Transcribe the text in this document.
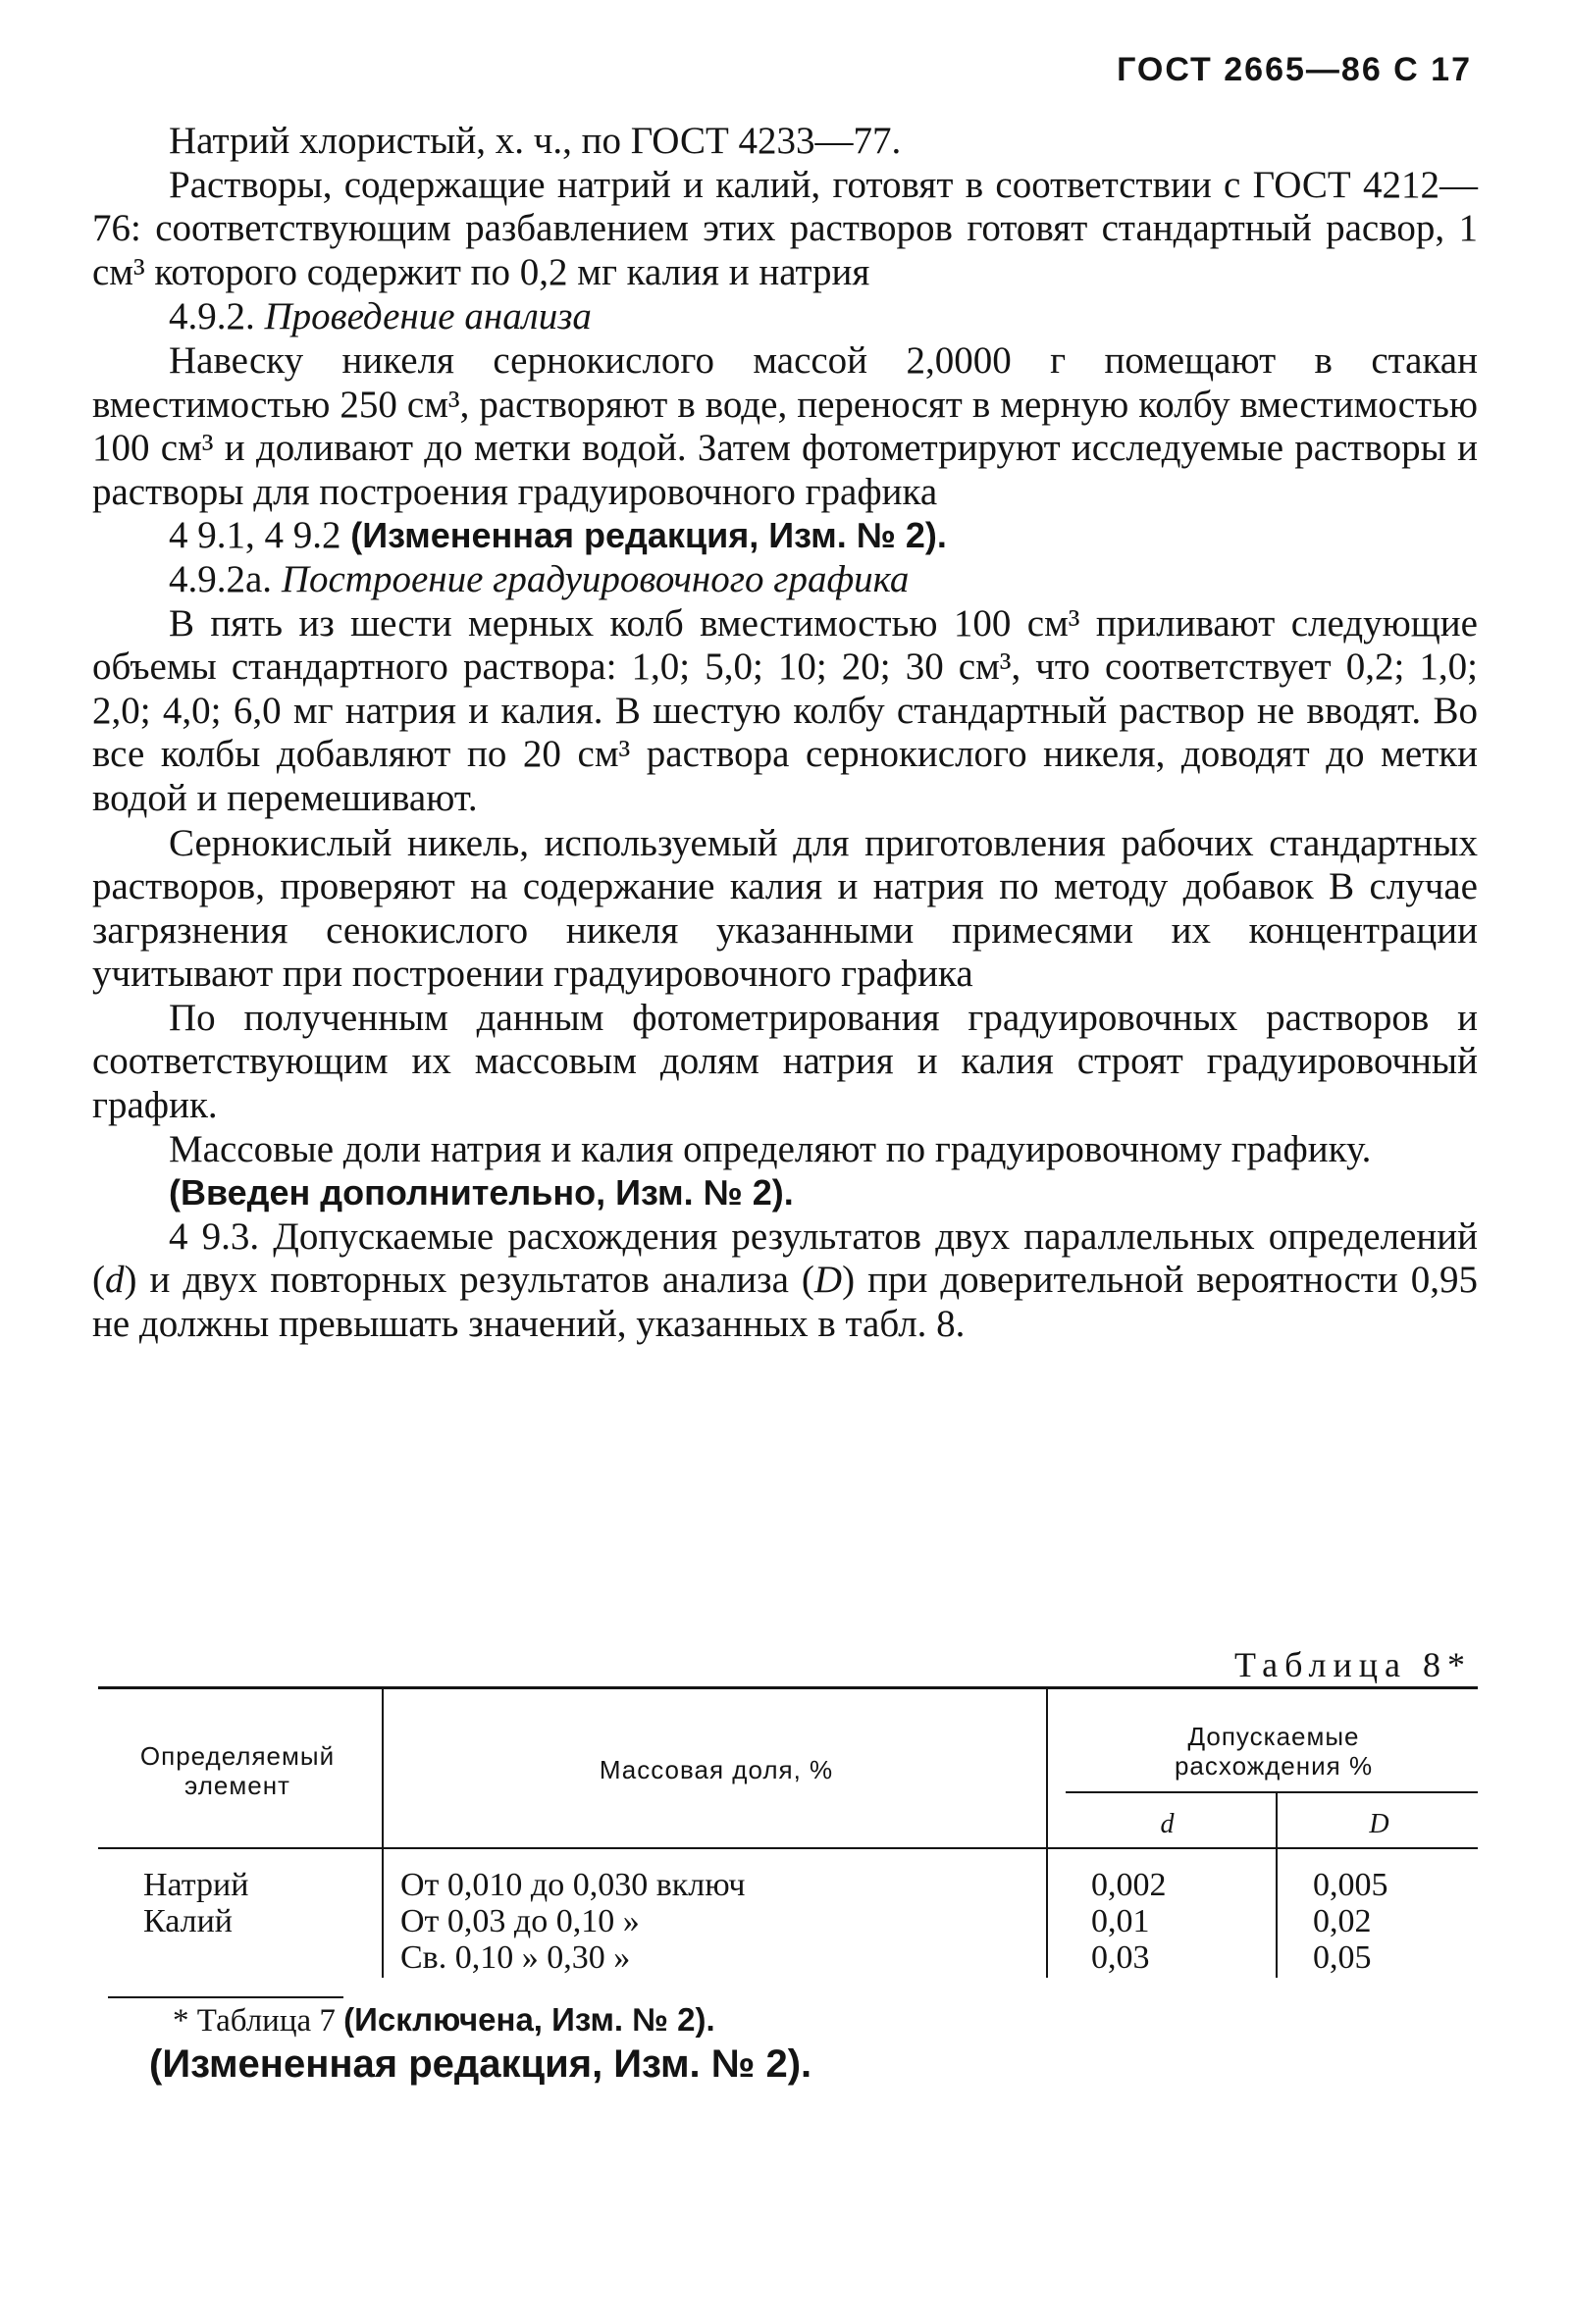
ГОСТ 2665—86 С 17

Натрий хлористый, х. ч., по ГОСТ 4233—77.

Растворы, содержащие натрий и калий, готовят в соответствии с ГОСТ 4212—76: соответствующим разбавлением этих растворов готовят стандартный расвор, 1 см³ которого содержит по 0,2 мг калия и натрия

4.9.2. Проведение анализа

Навеску никеля сернокислого массой 2,0000 г помещают в стакан вместимостью 250 см³, растворяют в воде, переносят в мерную колбу вместимостью 100 см³ и доливают до метки водой. Затем фотометрируют исследуемые растворы и растворы для построения градуировочного графика

4 9.1, 4 9.2 (Измененная редакция, Изм. № 2).

4.9.2а. Построение градуировочного графика

В пять из шести мерных колб вместимостью 100 см³ приливают следующие объемы стандартного раствора: 1,0; 5,0; 10; 20; 30 см³, что соответствует 0,2; 1,0; 2,0; 4,0; 6,0 мг натрия и калия. В шестую колбу стандартный раствор не вводят. Во все колбы добавляют по 20 см³ раствора сернокислого никеля, доводят до метки водой и перемешивают.

Сернокислый никель, используемый для приготовления рабочих стандартных растворов, проверяют на содержание калия и натрия по методу добавок В случае загрязнения сенокислого никеля указанными примесями их концентрации учитывают при построении градуировочного графика

По полученным данным фотометрирования градуировочных растворов и соответствующим их массовым долям натрия и калия строят градуировочный график.

Массовые доли натрия и калия определяют по градуировочному графику.

(Введен дополнительно, Изм. № 2).

4 9.3. Допускаемые расхождения результатов двух параллельных определений (d) и двух повторных результатов анализа (D) при доверительной вероятности 0,95 не должны превышать значений, указанных в табл. 8.

Таблица 8*
Определяемый элемент
Массовая доля, %
Допускаемые расхождения %
d	D
Натрий
Калий
От 0,010 до 0,030 включ
От 0,03 до 0,10 »
Св. 0,10 » 0,30 »
0,002
0,01
0,03
0,005
0,02
0,05
* Таблица 7 (Исключена, Изм. № 2).
(Измененная редакция, Изм. № 2).
